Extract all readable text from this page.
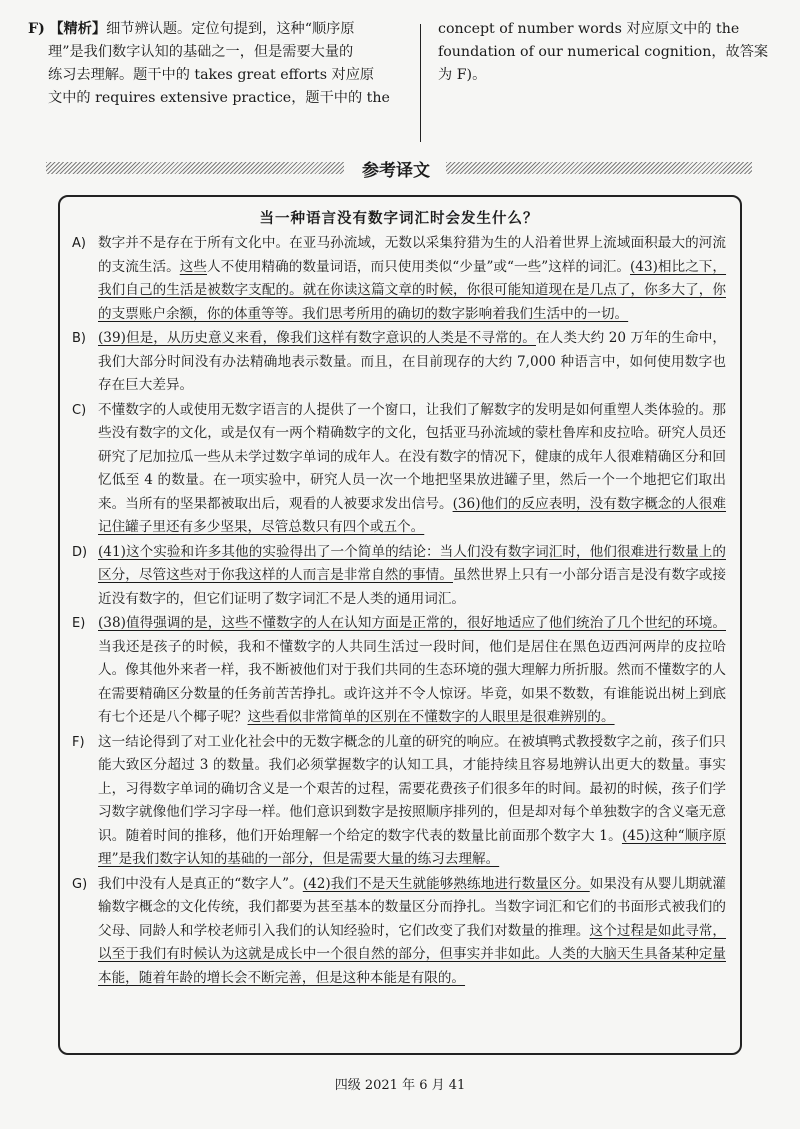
F) 【精析】细节辨认题。定位句提到，这种“顺序原

理”是我们数字认知的基础之一，但是需要大量的

练习去理解。题干中的 takes great efforts 对应原

文中的 requires extensive practice，题干中的 the

concept of number words 对应原文中的 the

foundation of our numerical cognition，故答案

为 F)。

参考译文
当一种语言没有数字词汇时会发生什么？
A) 数字并不是存在于所有文化中。在亚马孙流域，无数以采集狩猎为生的人沿着世界上流域面积最大的河流的支流生活。这些人不使用精确的数量词语，而只使用类似“少量”或“一些”这样的词汇。(43)相比之下，我们自己的生活是被数字支配的。就在你读这篇文章的时候，你很可能知道现在是几点了，你多大了，你的支票账户余额，你的体重等等。我们思考所用的确切的数字影响着我们生活中的一切。
B) (39)但是，从历史意义来看，像我们这样有数字意识的人类是不寻常的。在人类大约 20 万年的生命中，我们大部分时间没有办法精确地表示数量。而且，在目前现存的大约 7,000 种语言中，如何使用数字也存在巨大差异。
C) 不懂数字的人或使用无数字语言的人提供了一个窗口，让我们了解数字的发明是如何重塑人类体验的。那些没有数字的文化，或是仅有一两个精确数字的文化，包括亚马孙流域的蒙杜鲁库和皮拉哈。研究人员还研究了尼加拉瓜一些从未学过数字单词的成年人。在没有数字的情况下，健康的成年人很难精确区分和回忆低至 4 的数量。在一项实验中，研究人员一次一个地把坚果放进罐子里，然后一个一个地把它们取出来。当所有的坚果都被取出后，观看的人被要求发出信号。(36)他们的反应表明，没有数字概念的人很难记住罐子里还有多少坚果，尽管总数只有四个或五个。
D) (41)这个实验和许多其他的实验得出了一个简单的结论：当人们没有数字词汇时，他们很难进行数量上的区分，尽管这些对于你我这样的人而言是非常自然的事情。虽然世界上只有一小部分语言是没有数字或接近没有数字的，但它们证明了数字词汇不是人类的通用词汇。
E) (38)值得强调的是，这些不懂数字的人在认知方面是正常的，很好地适应了他们统治了几个世纪的环境。当我还是孩子的时候，我和不懂数字的人共同生活过一段时间，他们是居住在黑色迈西河两岸的皮拉哈人。像其他外来者一样，我不断被他们对于我们共同的生态环境的强大理解力所折服。然而不懂数字的人在需要精确区分数量的任务前苦苦挣扎。或许这并不令人惊讶。毕竟，如果不数数，有谁能说出树上到底有七个还是八个椰子呢？这些看似非常简单的区别在不懂数字的人眼里是很难辨别的。
F) 这一结论得到了对工业化社会中的无数字概念的儿童的研究的响应。在被填鸭式教授数字之前，孩子们只能大致区分超过 3 的数量。我们必须掌握数字的认知工具，才能持续且容易地辨认出更大的数量。事实上，习得数字单词的确切含义是一个艰苦的过程，需要花费孩子们很多年的时间。最初的时候，孩子们学习数字就像他们学习字母一样。他们意识到数字是按照顺序排列的，但是却对每个单独数字的含义毫无意识。随着时间的推移，他们开始理解一个给定的数字代表的数量比前面那个数字大 1。(45)这种“顺序原理”是我们数字认知的基础的一部分，但是需要大量的练习去理解。
G) 我们中没有人是真正的“数字人”。(42)我们不是天生就能够熟练地进行数量区分。如果没有从婴儿期就灌输数字概念的文化传统，我们都要为甚至基本的数量区分而挣扎。当数字词汇和它们的书面形式被我们的父母、同龄人和学校老师引入我们的认知经验时，它们改变了我们对数量的推理。这个过程是如此寻常，以至于我们有时候认为这就是成长中一个很自然的部分，但事实并非如此。人类的大脑天生具备某种定量本能，随着年龄的增长会不断完善，但是这种本能是有限的。
四级 2021 年 6 月 41
